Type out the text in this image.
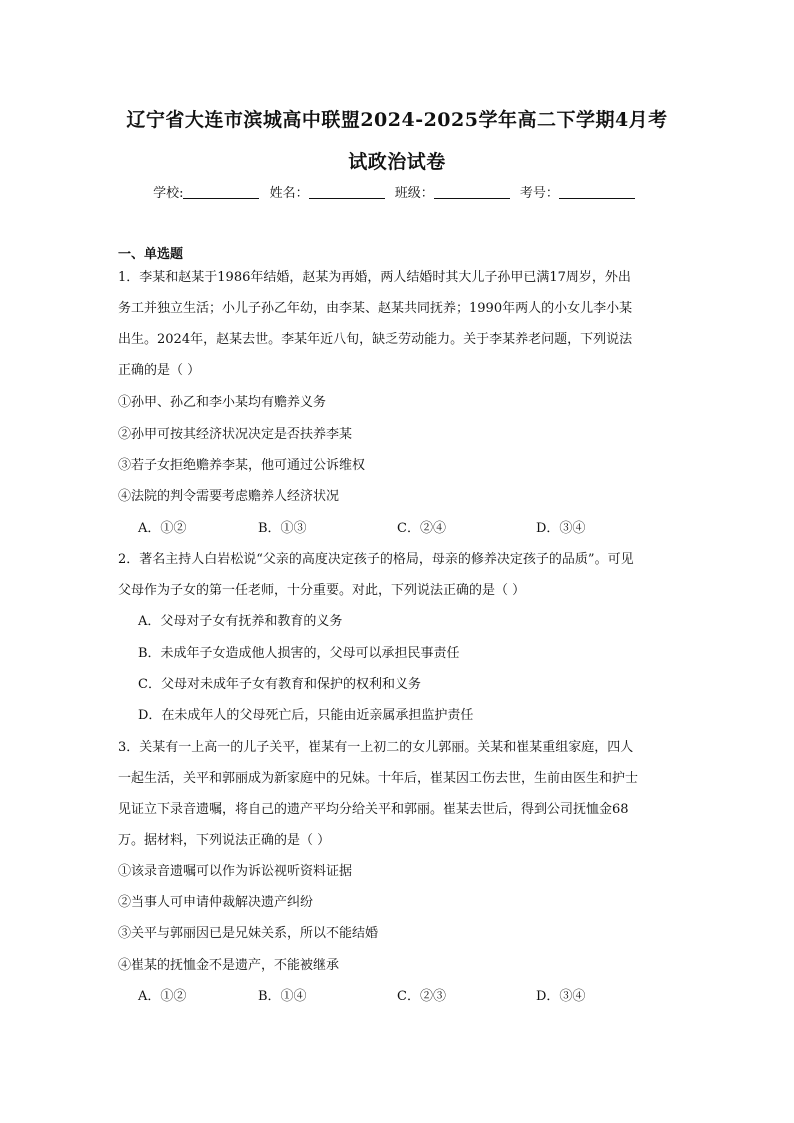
辽宁省大连市滨城高中联盟2024-2025学年高二下学期4月考
试政治试卷
学校:	姓名：	班级：	考号：
一、单选题
1．李某和赵某于1986年结婚，赵某为再婚，两人结婚时其大儿子孙甲已满17周岁，外出
务工并独立生活；小儿子孙乙年幼，由李某、赵某共同抚养；1990年两人的小女儿李小某
出生。2024年，赵某去世。李某年近八旬，缺乏劳动能力。关于李某养老问题，下列说法
正确的是（ ）
①孙甲、孙乙和李小某均有赡养义务
②孙甲可按其经济状况决定是否扶养李某
③若子女拒绝赡养李某，他可通过公诉维权
④法院的判令需要考虑赡养人经济状况
A．①②	B．①③	C．②④	D．③④
2．著名主持人白岩松说“父亲的高度决定孩子的格局，母亲的修养决定孩子的品质”。可见
父母作为子女的第一任老师，十分重要。对此，下列说法正确的是（ ）
A．父母对子女有抚养和教育的义务
B．未成年子女造成他人损害的，父母可以承担民事责任
C．父母对未成年子女有教育和保护的权利和义务
D．在未成年人的父母死亡后，只能由近亲属承担监护责任
3．关某有一上高一的儿子关平，崔某有一上初二的女儿郭丽。关某和崔某重组家庭，四人
一起生活，关平和郭丽成为新家庭中的兄妹。十年后，崔某因工伤去世，生前由医生和护士
见证立下录音遗嘱，将自己的遗产平均分给关平和郭丽。崔某去世后，得到公司抚恤金68
万。据材料，下列说法正确的是（ ）
①该录音遗嘱可以作为诉讼视听资料证据
②当事人可申请仲裁解决遗产纠纷
③关平与郭丽因已是兄妹关系，所以不能结婚
④崔某的抚恤金不是遗产，不能被继承
A．①②	B．①④	C．②③	D．③④
